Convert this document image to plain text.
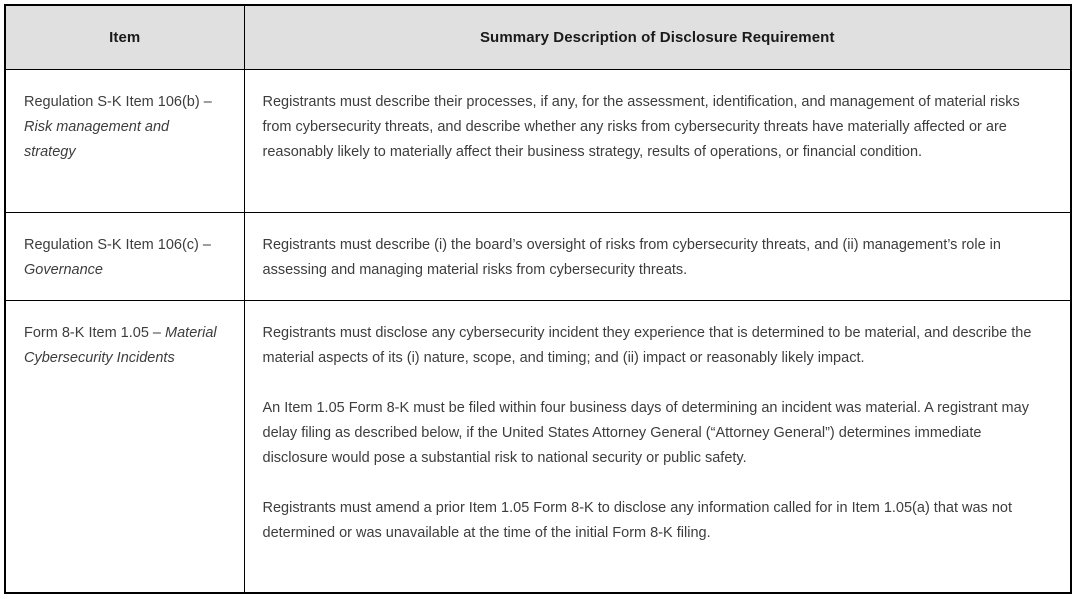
Item	Summary Description of Disclosure Requirement
Regulation S-K Item 106(b) – Risk management and strategy	Registrants must describe their processes, if any, for the assessment, identification, and management of material risks from cybersecurity threats, and describe whether any risks from cybersecurity threats have materially affected or are reasonably likely to materially affect their business strategy, results of operations, or financial condition.

Regulation S-K Item 106(c) – Governance	Registrants must describe (i) the board’s oversight of risks from cybersecurity threats, and (ii) management’s role in assessing and managing material risks from cybersecurity threats.

Form 8-K Item 1.05 – Material Cybersecurity Incidents	Registrants must disclose any cybersecurity incident they experience that is determined to be material, and describe the material aspects of its (i) nature, scope, and timing; and (ii) impact or reasonably likely impact.

An Item 1.05 Form 8-K must be filed within four business days of determining an incident was material. A registrant may delay filing as described below, if the United States Attorney General (“Attorney General”) determines immediate disclosure would pose a substantial risk to national security or public safety.

Registrants must amend a prior Item 1.05 Form 8-K to disclose any information called for in Item 1.05(a) that was not determined or was unavailable at the time of the initial Form 8-K filing.
